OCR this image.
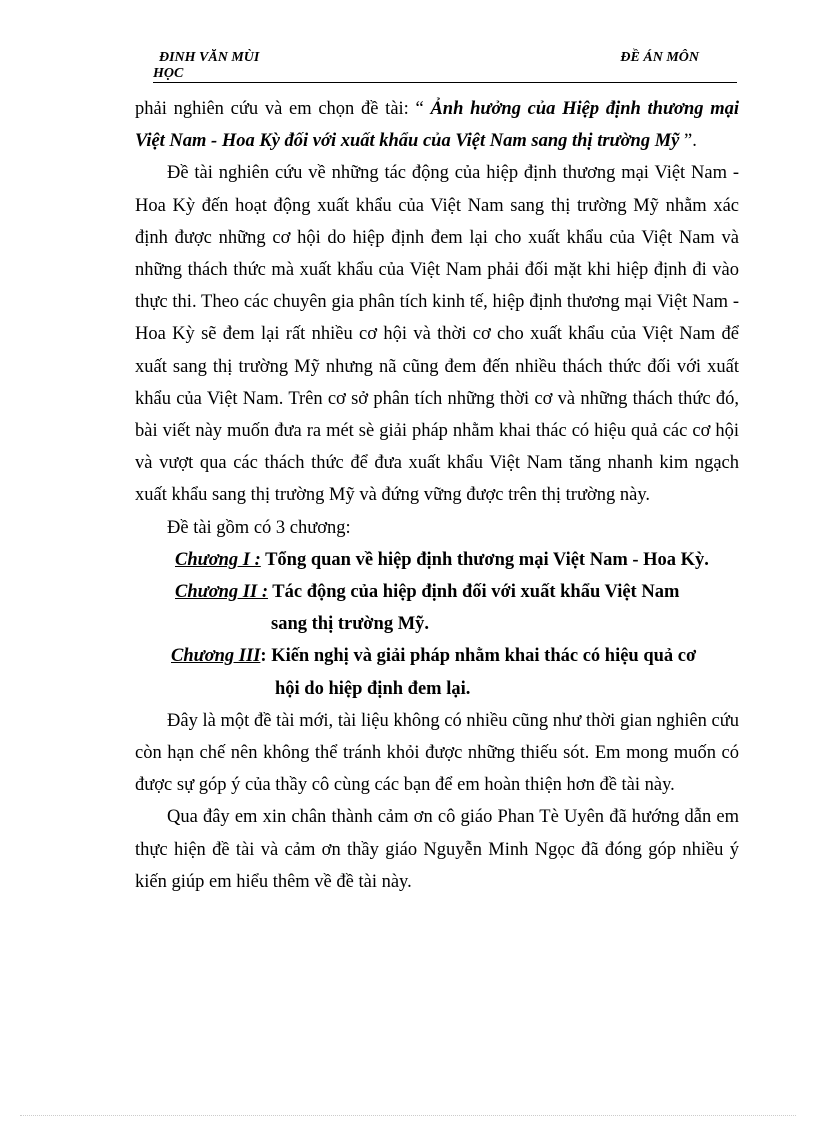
ĐINH VĂN MÙI
HỌC
ĐỀ ÁN MÔN

phải nghiên cứu và em chọn đề tài: “ Ảnh hưởng của Hiệp định thương mại Việt Nam - Hoa Kỳ đối với xuất khẩu của Việt Nam sang thị trường Mỹ ”.

Đề tài nghiên cứu về những tác động của hiệp định thương mại Việt Nam - Hoa Kỳ đến hoạt động xuất khẩu của Việt Nam sang thị trường Mỹ nhằm xác định được những cơ hội do hiệp định đem lại cho xuất khẩu của Việt Nam và những thách thức mà xuất khẩu của Việt Nam phải đối mặt khi hiệp định đi vào thực thi. Theo các chuyên gia phân tích kinh tế, hiệp định thương mại Việt Nam - Hoa Kỳ sẽ đem lại rất nhiều cơ hội và thời cơ cho xuất khẩu của Việt Nam để xuất sang thị trường Mỹ nhưng nã cũng đem đến nhiều thách thức đối với xuất khẩu của Việt Nam. Trên cơ sở phân tích những thời cơ và những thách thức đó, bài viết này muốn đưa ra mét sè giải pháp nhằm khai thác có hiệu quả các cơ hội và vượt qua các thách thức để đưa xuất khẩu Việt Nam tăng nhanh kim ngạch xuất khẩu sang thị trường Mỹ và đứng vững được trên thị trường này.

Đề tài gồm có 3 chương:

Chương I : Tổng quan về hiệp định thương mại Việt Nam - Hoa Kỳ.
Chương II : Tác động của hiệp định đối với xuất khẩu Việt Nam
sang thị trường Mỹ.
Chương III: Kiến nghị và giải pháp nhằm khai thác có hiệu quả cơ
hội do hiệp định đem lại.

Đây là một đề tài mới, tài liệu không có nhiều cũng như thời gian nghiên cứu còn hạn chế nên không thể tránh khỏi được những thiếu sót. Em mong muốn có được sự góp ý của thầy cô cùng các bạn để em hoàn thiện hơn đề tài này.

Qua đây em xin chân thành cảm ơn cô giáo Phan Tè Uyên đã hướng dẫn em thực hiện đề tài và cảm ơn thầy giáo Nguyễn Minh Ngọc đã đóng góp nhiều ý kiến giúp em hiểu thêm về đề tài này.
